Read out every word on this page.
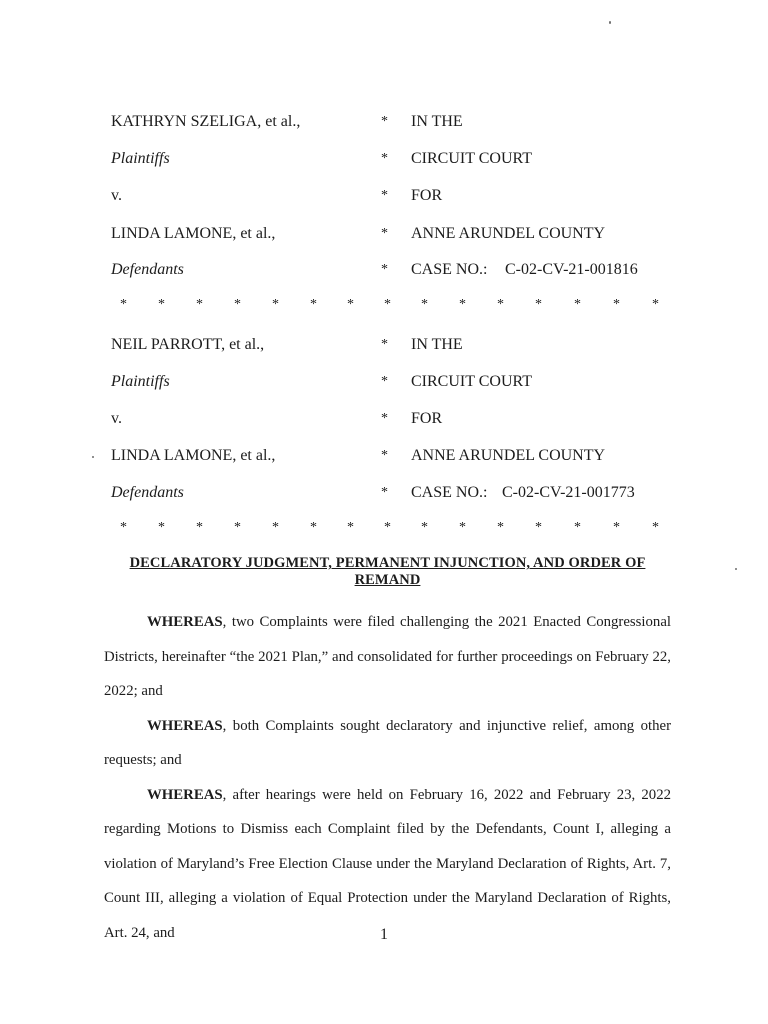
KATHRYN SZELIGA, et al.,	* IN THE
Plaintiffs	* CIRCUIT COURT
v.	* FOR
LINDA LAMONE, et al.,	* ANNE ARUNDEL COUNTY
Defendants	* CASE NO.: C-02-CV-21-001816
* * * * * * * * * * * * * * *
NEIL PARROTT, et al.,	* IN THE
Plaintiffs	* CIRCUIT COURT
v.	* FOR
LINDA LAMONE, et al.,	* ANNE ARUNDEL COUNTY
Defendants	* CASE NO.: C-02-CV-21-001773
* * * * * * * * * * * * * * *
DECLARATORY JUDGMENT, PERMANENT INJUNCTION, AND ORDER OF
REMAND

WHEREAS, two Complaints were filed challenging the 2021 Enacted Congressional Districts, hereinafter “the 2021 Plan,” and consolidated for further proceedings on February 22, 2022; and

WHEREAS, both Complaints sought declaratory and injunctive relief, among other requests; and

WHEREAS, after hearings were held on February 16, 2022 and February 23, 2022 regarding Motions to Dismiss each Complaint filed by the Defendants, Count I, alleging a violation of Maryland’s Free Election Clause under the Maryland Declaration of Rights, Art. 7, Count III, alleging a violation of Equal Protection under the Maryland Declaration of Rights, Art. 24, and	1
